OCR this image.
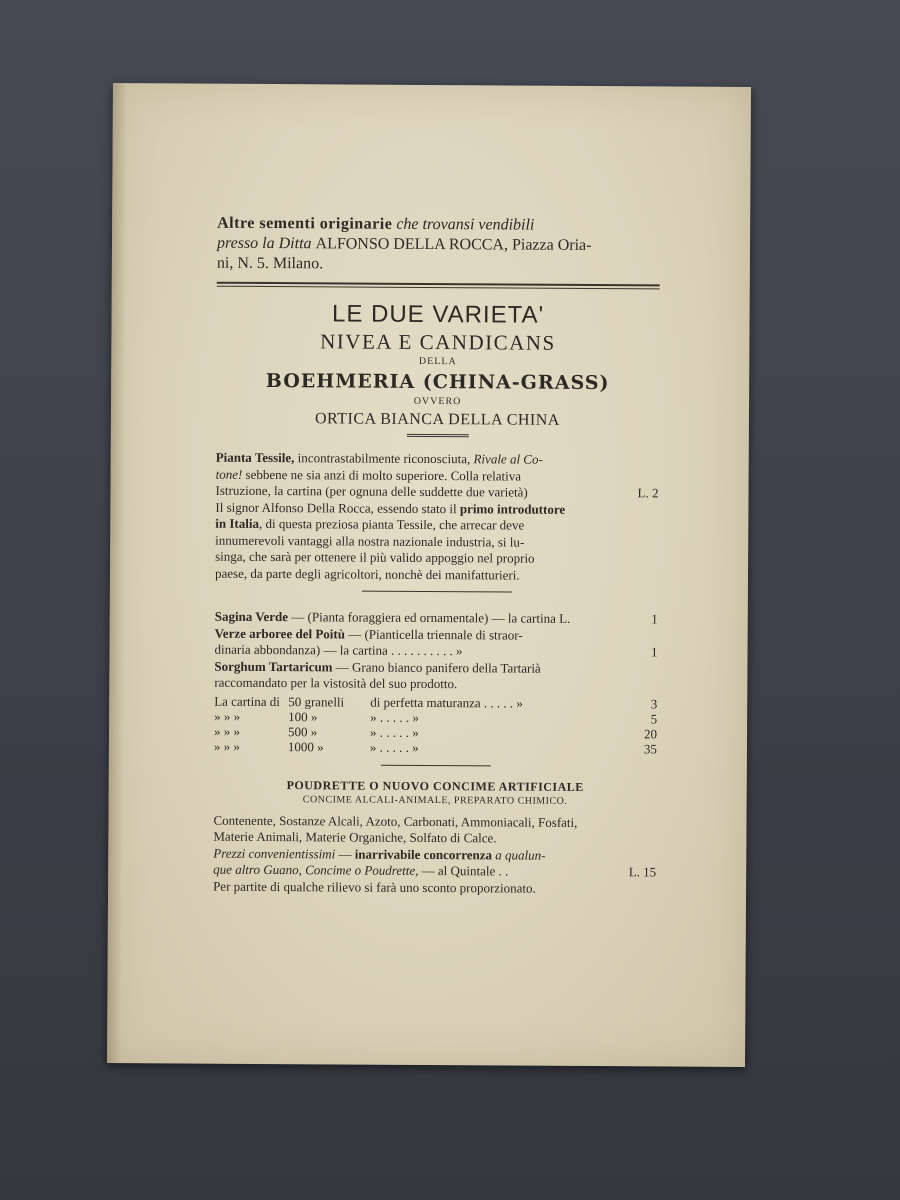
Altre sementi originarie che trovansi vendibili
presso la Ditta ALFONSO DELLA ROCCA, Piazza Oria-
ni, N. 5. Milano.
LE DUE VARIETA'
NIVEA E CANDICANS
DELLA
BOEHMERIA (CHINA-GRASS)
OVVERO
ORTICA BIANCA DELLA CHINA
Pianta Tessile, incontrastabilmente riconosciuta, Rivale al Co-
tone! sebbene ne sia anzi di molto superiore. Colla relativa
Istruzione, la cartina (per ognuna delle suddette due varietà)	L. 2
Il signor Alfonso Della Rocca, essendo stato il primo introduttore
in Italia, di questa preziosa pianta Tessile, che arrecar deve
innumerevoli vantaggi alla nostra nazionale industria, si lu-
singa, che sarà per ottenere il più valido appoggio nel proprio
paese, da parte degli agricoltori, nonchè dei manifatturieri.
Sagina Verde — (Pianta foraggiera ed ornamentale) — la cartina L.	1
Verze arboree del Poitù — (Pianticella triennale di straor-
dinaria abbondanza) — la cartina . . . . . . . . . . »	1
Sorghum Tartaricum — Grano bianco panifero della Tartarià
raccomandato per la vistosità del suo prodotto.
La cartina di 50 granelli	di perfetta maturanza . . . . . »	3
» » »	100 »	» . . . . . »	5
» » »	500 »	» . . . . . »	20
» » »	1000 »	» . . . . . »	35
POUDRETTE O NUOVO CONCIME ARTIFICIALE
CONCIME ALCALI-ANIMALE, PREPARATO CHIMICO.
Contenente, Sostanze Alcali, Azoto, Carbonati, Ammoniacali, Fosfati,
Materie Animali, Materie Organiche, Solfato di Calce.
Prezzi convenientissimi — inarrivabile concorrenza a qualun-
que altro Guano, Concime o Poudrette, — al Quintale . .	L. 15
Per partite di qualche rilievo si farà uno sconto proporzionato.
